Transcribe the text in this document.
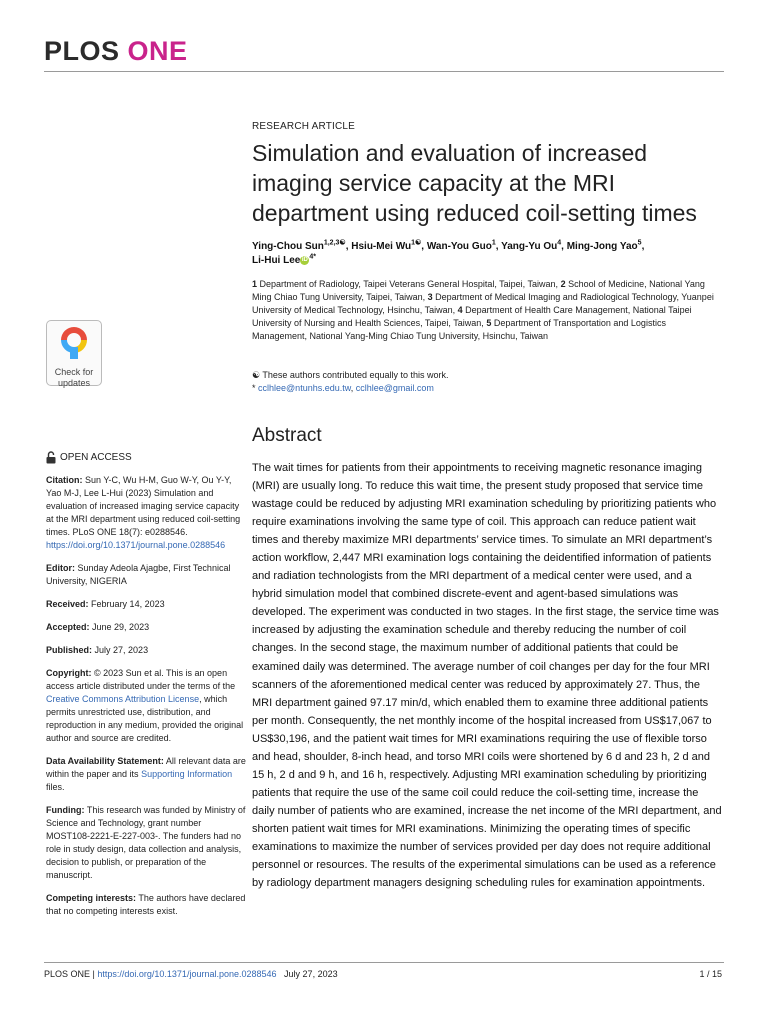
PLOS ONE
Check for
updates
OPEN ACCESS
Citation: Sun Y-C, Wu H-M, Guo W-Y, Ou Y-Y, Yao M-J, Lee L-Hui (2023) Simulation and evaluation of increased imaging service capacity at the MRI department using reduced coil-setting times. PLoS ONE 18(7): e0288546. https://doi.org/10.1371/journal.pone.0288546
Editor: Sunday Adeola Ajagbe, First Technical University, NIGERIA
Received: February 14, 2023
Accepted: June 29, 2023
Published: July 27, 2023
Copyright: © 2023 Sun et al. This is an open access article distributed under the terms of the Creative Commons Attribution License, which permits unrestricted use, distribution, and reproduction in any medium, provided the original author and source are credited.
Data Availability Statement: All relevant data are within the paper and its Supporting Information files.
Funding: This research was funded by Ministry of Science and Technology, grant number MOST108-2221-E-227-003-. The funders had no role in study design, data collection and analysis, decision to publish, or preparation of the manuscript.
Competing interests: The authors have declared that no competing interests exist.
RESEARCH ARTICLE
Simulation and evaluation of increased imaging service capacity at the MRI department using reduced coil-setting times
Ying-Chou Sun$^{1,2,3☯}$, Hsiu-Mei $Wu^{1☯}$, Wan-You Guo$^1$, Yang-Yu Ou$^4$, Ming-Jong Yao$^5$,
Li-Hui Lee iD $^{4*}$
1 Department of Radiology, Taipei Veterans General Hospital, Taipei, Taiwan, 2 School of Medicine, National Yang Ming Chiao Tung University, Taipei, Taiwan, 3 Department of Medical Imaging and Radiological Technology, Yuanpei University of Medical Technology, Hsinchu, Taiwan, 4 Department of Health Care Management, National Taipei University of Nursing and Health Sciences, Taipei, Taiwan, 5 Department of Transportation and Logistics Management, National Yang-Ming Chiao Tung University, Hsinchu, Taiwan
☯ These authors contributed equally to this work.
* cclhlee@ntunhs.edu.tw, cclhlee@gmail.com
Abstract

The wait times for patients from their appointments to receiving magnetic resonance imaging (MRI) are usually long. To reduce this wait time, the present study proposed that service time wastage could be reduced by adjusting MRI examination scheduling by prioritizing patients who require examinations involving the same type of coil. This approach can reduce patient wait times and thereby maximize MRI departments’ service times. To simulate an MRI department’s action workflow, 2,447 MRI examination logs containing the deidentified information of patients and radiation technologists from the MRI department of a medical center were used, and a hybrid simulation model that combined discrete-event and agent-based simulations was developed. The experiment was conducted in two stages. In the first stage, the service time was increased by adjusting the examination schedule and thereby reducing the number of coil changes. In the second stage, the maximum number of additional patients that could be examined daily was determined. The average number of coil changes per day for the four MRI scanners of the aforementioned medical center was reduced by approximately 27. Thus, the MRI department gained 97.17 min/d, which enabled them to examine three additional patients per month. Consequently, the net monthly income of the hospital increased from US$17,067 to US$30,196, and the patient wait times for MRI examinations requiring the use of flexible torso and head, shoulder, 8-inch head, and torso MRI coils were shortened by 6 d and 23 h, 2 d and 15 h, 2 d and 9 h, and 16 h, respectively. Adjusting MRI examination scheduling by prioritizing patients that require the use of the same coil could reduce the coil-setting time, increase the daily number of patients who are examined, increase the net income of the MRI department, and shorten patient wait times for MRI examinations. Minimizing the operating times of specific examinations to maximize the number of services provided per day does not require additional personnel or resources. The results of the experimental simulations can be used as a reference by radiology department managers designing scheduling rules for examination appointments.

PLOS ONE | https://doi.org/10.1371/journal.pone.0288546 July 27, 2023	1 / 15
